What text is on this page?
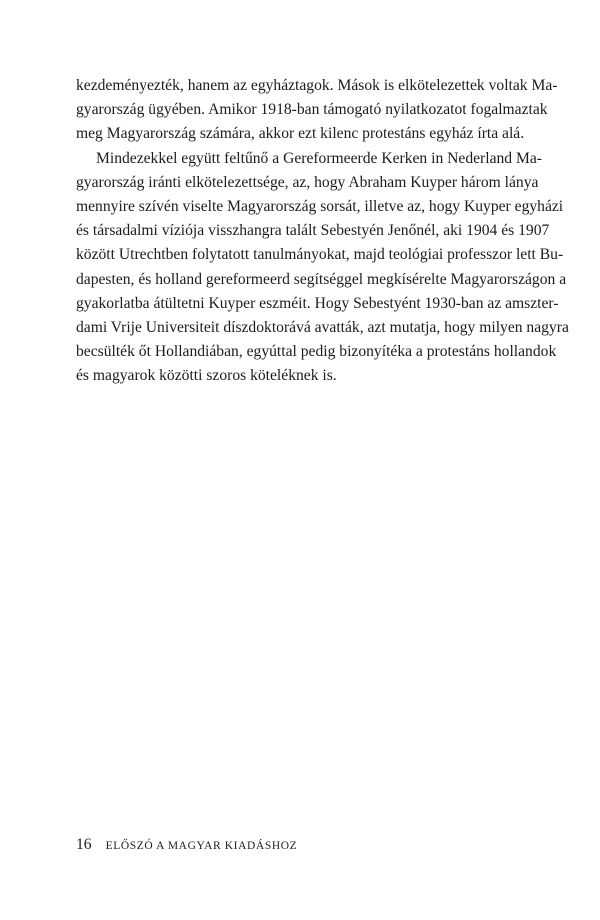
kezdeményezték, hanem az egyháztagok. Mások is elkötelezettek voltak Ma-
gyarország ügyében. Amikor 1918-ban támogató nyilatkozatot fogalmaztak
meg Magyarország számára, akkor ezt kilenc protestáns egyház írta alá.
Mindezekkel együtt feltűnő a Gereformeerde Kerken in Nederland Ma-
gyarország iránti elkötelezettsége, az, hogy Abraham Kuyper három lánya
mennyire szívén viselte Magyarország sorsát, illetve az, hogy Kuyper egyházi
és társadalmi víziója visszhangra talált Sebestyén Jenőnél, aki 1904 és 1907
között Utrechtben folytatott tanulmányokat, majd teológiai professzor lett Bu-
dapesten, és holland gereformeerd segítséggel megkísérelte Magyarországon a
gyakorlatba átültetni Kuyper eszméit. Hogy Sebestyént 1930-ban az amszter-
dami Vrije Universiteit díszdoktorává avatták, azt mutatja, hogy milyen nagyra
becsülték őt Hollandiában, egyúttal pedig bizonyítéka a protestáns hollandok
és magyarok közötti szoros köteléknek is.
16 ELŐSZÓ A MAGYAR KIADÁSHOZ
